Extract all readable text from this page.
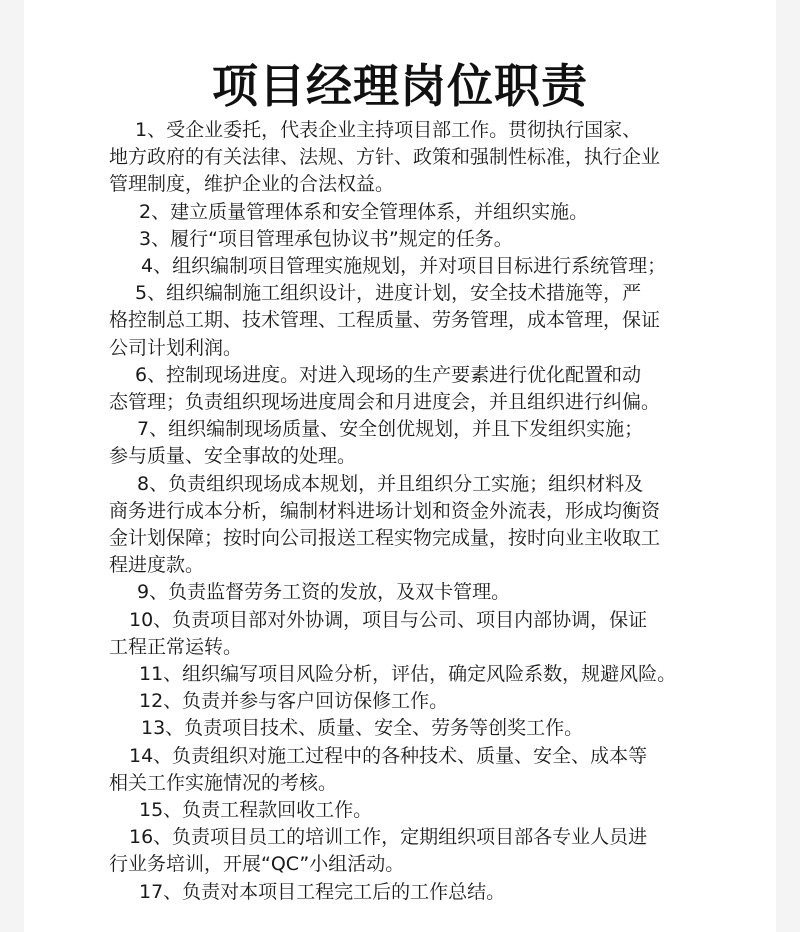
项目经理岗位职责
1、受企业委托，代表企业主持项目部工作。贯彻执行国家、
地方政府的有关法律、法规、方针、政策和强制性标准，执行企业
管理制度，维护企业的合法权益。
2、建立质量管理体系和安全管理体系，并组织实施。
3、履行“项目管理承包协议书”规定的任务。
4、组织编制项目管理实施规划，并对项目目标进行系统管理；
5、组织编制施工组织设计，进度计划，安全技术措施等，严
格控制总工期、技术管理、工程质量、劳务管理，成本管理，保证
公司计划利润。
6、控制现场进度。对进入现场的生产要素进行优化配置和动
态管理；负责组织现场进度周会和月进度会，并且组织进行纠偏。
7、组织编制现场质量、安全创优规划，并且下发组织实施；
参与质量、安全事故的处理。
8、负责组织现场成本规划，并且组织分工实施；组织材料及
商务进行成本分析，编制材料进场计划和资金外流表，形成均衡资
金计划保障；按时向公司报送工程实物完成量，按时向业主收取工
程进度款。
9、负责监督劳务工资的发放，及双卡管理。
10、负责项目部对外协调，项目与公司、项目内部协调，保证
工程正常运转。
11、组织编写项目风险分析，评估，确定风险系数，规避风险。
12、负责并参与客户回访保修工作。
13、负责项目技术、质量、安全、劳务等创奖工作。
14、负责组织对施工过程中的各种技术、质量、安全、成本等
相关工作实施情况的考核。
15、负责工程款回收工作。
16、负责项目员工的培训工作，定期组织项目部各专业人员进
行业务培训，开展“QC”小组活动。
17、负责对本项目工程完工后的工作总结。
